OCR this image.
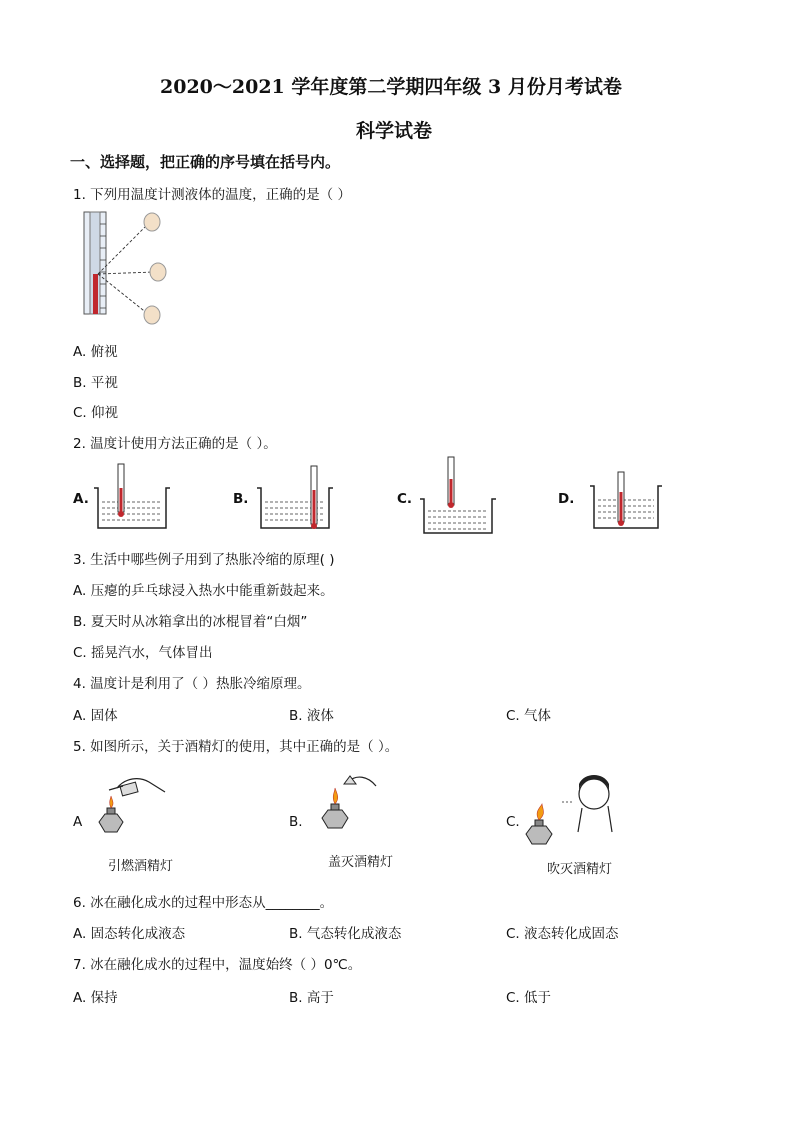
2020～2021 学年度第二学期四年级 3 月份月考试卷
科学试卷
一、选择题，把正确的序号填在括号内。
1. 下列用温度计测液体的温度，正确的是（ ）
A. 俯视
B. 平视
C. 仰视
2. 温度计使用方法正确的是（ ）。
A.	B.	C.	D.
3. 生活中哪些例子用到了热胀冷缩的原理( )
A. 压瘪的乒乓球浸入热水中能重新鼓起来。
B. 夏天时从冰箱拿出的冰棍冒着“白烟”
C. 摇晃汽水，气体冒出
4. 温度计是利用了（ ）热胀冷缩原理。
A. 固体	B. 液体	C. 气体
5. 如图所示，关于酒精灯的使用，其中正确的是（ ）。
A	B.	C.
引燃酒精灯	盖灭酒精灯	吹灭酒精灯
6. 冰在融化成水的过程中形态从________。
A. 固态转化成液态	B. 气态转化成液态	C. 液态转化成固态
7. 冰在融化成水的过程中，温度始终（ ）0℃。
A. 保持	B. 高于	C. 低于
